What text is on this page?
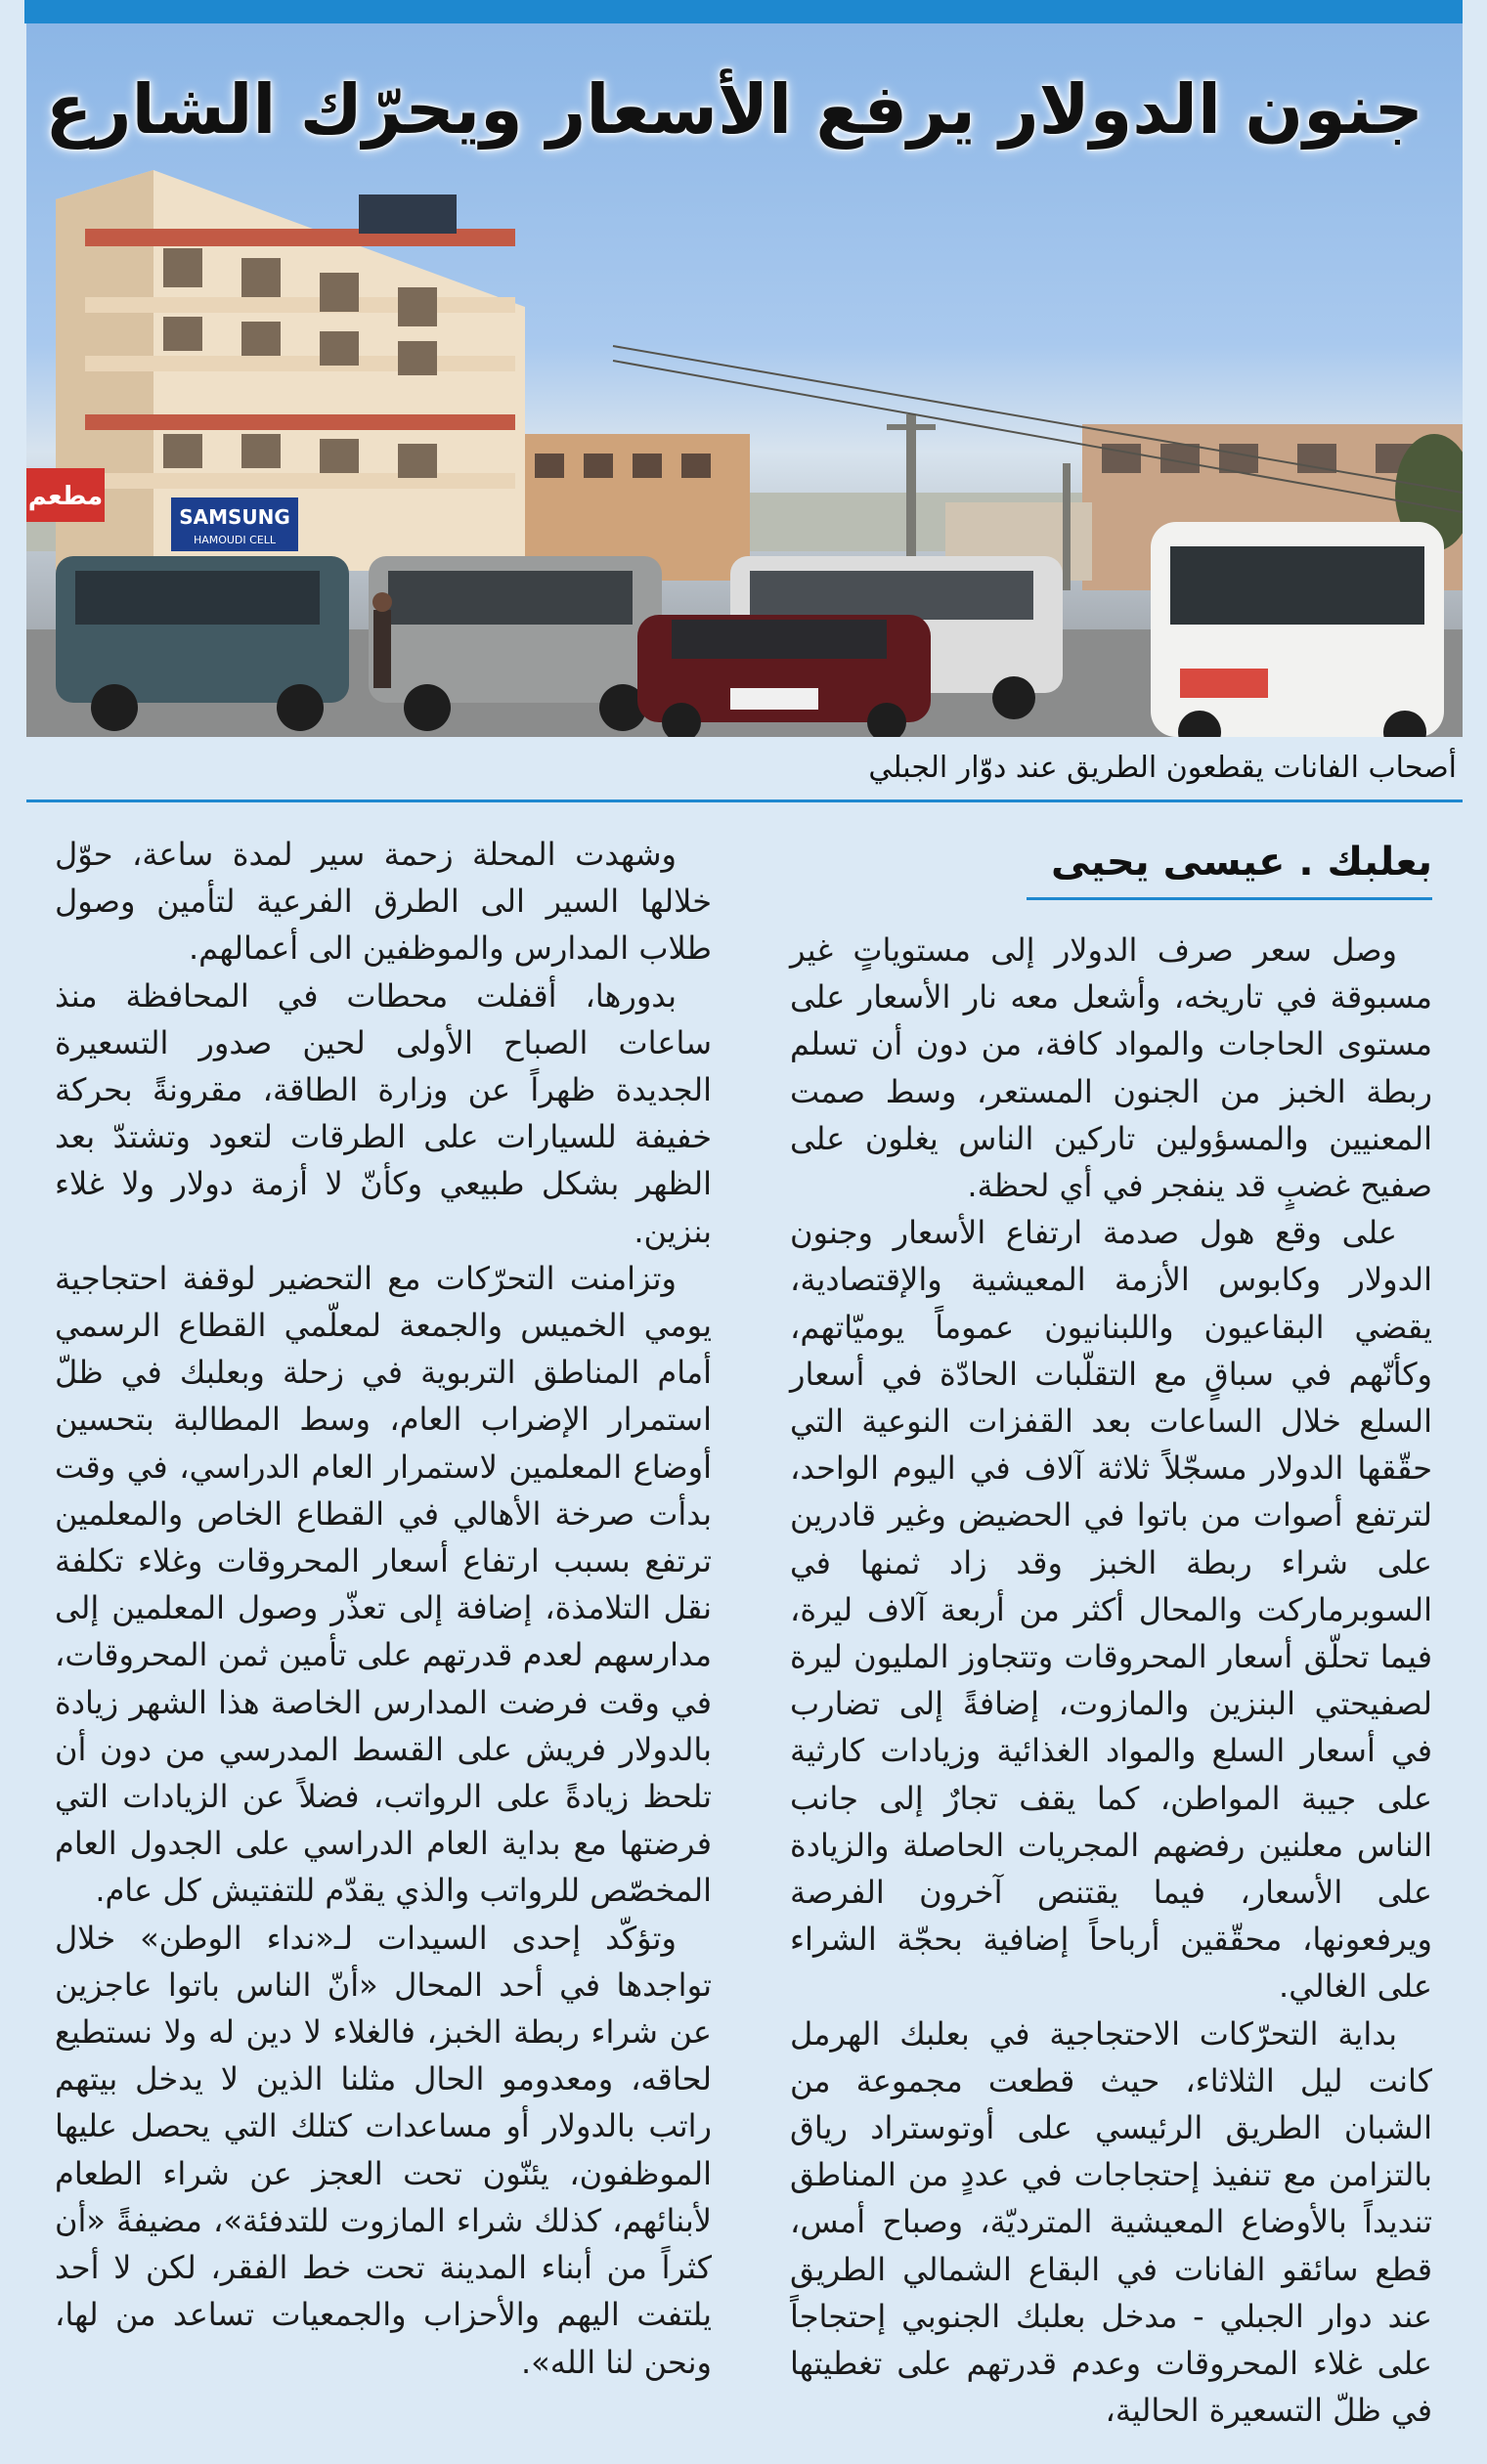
مطعم
SAMSUNG
HAMOUDI CELL
جنون الدولار يرفع الأسعار ويحرّك الشارع
أصحاب الفانات يقطعون الطريق عند دوّار الجبلي
بعلبك . عيسى يحيى

وصل سعر صرف الدولار إلى مستوياتٍ غير مسبوقة في تاريخه، وأشعل معه نار الأسعار على مستوى الحاجات والمواد كافة، من دون أن تسلم ربطة الخبز من الجنون المستعر، وسط صمت المعنيين والمسؤولين تاركين الناس يغلون على صفيح غضبٍ قد ينفجر في أي لحظة.

على وقع هول صدمة ارتفاع الأسعار وجنون الدولار وكابوس الأزمة المعيشية والإقتصادية، يقضي البقاعيون واللبنانيون عموماً يوميّاتهم، وكأنّهم في سباقٍ مع التقلّبات الحادّة في أسعار السلع خلال الساعات بعد القفزات النوعية التي حقّقها الدولار مسجّلاً ثلاثة آلاف في اليوم الواحد، لترتفع أصوات من باتوا في الحضيض وغير قادرين على شراء ربطة الخبز وقد زاد ثمنها في السوبرماركت والمحال أكثر من أربعة آلاف ليرة، فيما تحلّق أسعار المحروقات وتتجاوز المليون ليرة لصفيحتي البنزين والمازوت، إضافةً إلى تضارب في أسعار السلع والمواد الغذائية وزيادات كارثية على جيبة المواطن، كما يقف تجارٌ إلى جانب الناس معلنين رفضهم المجريات الحاصلة والزيادة على الأسعار، فيما يقتنص آخرون الفرصة ويرفعونها، محقّقين أرباحاً إضافية بحجّة الشراء على الغالي.

بداية التحرّكات الاحتجاجية في بعلبك الهرمل كانت ليل الثلاثاء، حيث قطعت مجموعة من الشبان الطريق الرئيسي على أوتوستراد رياق بالتزامن مع تنفيذ إحتجاجات في عددٍ من المناطق تنديداً بالأوضاع المعيشية المترديّة، وصباح أمس، قطع سائقو الفانات في البقاع الشمالي الطريق عند دوار الجبلي - مدخل بعلبك الجنوبي إحتجاجاً على غلاء المحروقات وعدم قدرتهم على تغطيتها في ظلّ التسعيرة الحالية،

وشهدت المحلة زحمة سير لمدة ساعة، حوّل خلالها السير الى الطرق الفرعية لتأمين وصول طلاب المدارس والموظفين الى أعمالهم.

بدورها، أقفلت محطات في المحافظة منذ ساعات الصباح الأولى لحين صدور التسعيرة الجديدة ظهراً عن وزارة الطاقة، مقرونةً بحركة خفيفة للسيارات على الطرقات لتعود وتشتدّ بعد الظهر بشكل طبيعي وكأنّ لا أزمة دولار ولا غلاء بنزين.

وتزامنت التحرّكات مع التحضير لوقفة احتجاجية يومي الخميس والجمعة لمعلّمي القطاع الرسمي أمام المناطق التربوية في زحلة وبعلبك في ظلّ استمرار الإضراب العام، وسط المطالبة بتحسين أوضاع المعلمين لاستمرار العام الدراسي، في وقت بدأت صرخة الأهالي في القطاع الخاص والمعلمين ترتفع بسبب ارتفاع أسعار المحروقات وغلاء تكلفة نقل التلامذة، إضافة إلى تعذّر وصول المعلمين إلى مدارسهم لعدم قدرتهم على تأمين ثمن المحروقات، في وقت فرضت المدارس الخاصة هذا الشهر زيادة بالدولار فريش على القسط المدرسي من دون أن تلحظ زيادةً على الرواتب، فضلاً عن الزيادات التي فرضتها مع بداية العام الدراسي على الجدول العام المخصّص للرواتب والذي يقدّم للتفتيش كل عام.

وتؤكّد إحدى السيدات لـ«نداء الوطن» خلال تواجدها في أحد المحال «أنّ الناس باتوا عاجزين عن شراء ربطة الخبز، فالغلاء لا دين له ولا نستطيع لحاقه، ومعدومو الحال مثلنا الذين لا يدخل بيتهم راتب بالدولار أو مساعدات كتلك التي يحصل عليها الموظفون، يئنّون تحت العجز عن شراء الطعام لأبنائهم، كذلك شراء المازوت للتدفئة»، مضيفةً «أن كثراً من أبناء المدينة تحت خط الفقر، لكن لا أحد يلتفت اليهم والأحزاب والجمعيات تساعد من لها، ونحن لنا الله».
